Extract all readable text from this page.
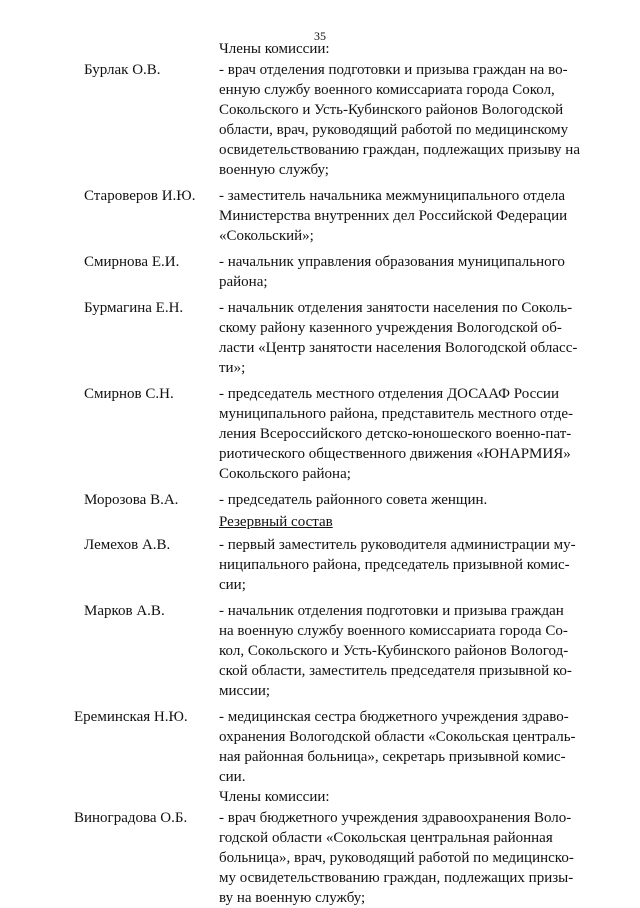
35
Члены комиссии:
Бурлак О.В.	- врач отделения подготовки и призыва граждан на во-
енную службу военного комиссариата города Сокол,
Сокольского и Усть-Кубинского районов Вологодской
области, врач, руководящий работой по медицинскому
освидетельствованию граждан, подлежащих призыву на
военную службу;
Староверов И.Ю.	- заместитель начальника межмуниципального отдела
Министерства внутренних дел Российской Федерации
«Сокольский»;
Смирнова Е.И.	- начальник управления образования муниципального
района;
Бурмагина Е.Н.	- начальник отделения занятости населения по Соколь-
скому району казенного учреждения Вологодской об-
ласти «Центр занятости населения Вологодской обласс-
ти»;
Смирнов С.Н.	- председатель местного отделения ДОСААФ России
муниципального района, представитель местного отде-
ления Всероссийского детско-юношеского военно-пат-
риотического общественного движения «ЮНАРМИЯ»
Сокольского района;
Морозова В.А.	- председатель районного совета женщин.
Резервный состав
Лемехов А.В.	- первый заместитель руководителя администрации му-
ниципального района, председатель призывной комис-
сии;
Марков А.В.	- начальник отделения подготовки и призыва граждан
на военную службу военного комиссариата города Со-
кол, Сокольского и Усть-Кубинского районов Вологод-
ской области, заместитель председателя призывной ко-
миссии;
Ереминская Н.Ю.	- медицинская сестра бюджетного учреждения здраво-
охранения Вологодской области «Сокольская централь-
ная районная больница», секретарь призывной комис-
сии.
Члены комиссии:
Виноградова О.Б.	- врач бюджетного учреждения здравоохранения Воло-
годской области «Сокольская центральная районная
больница», врач, руководящий работой по медицинско-
му освидетельствованию граждан, подлежащих призы-
ву на военную службу;
